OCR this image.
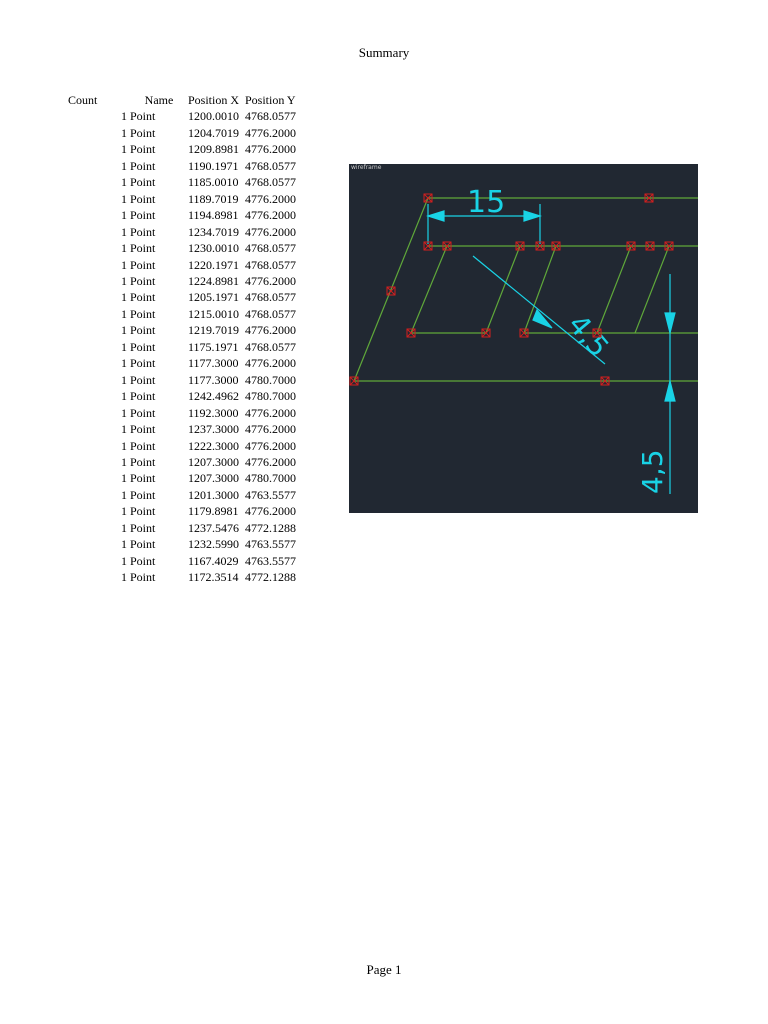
Summary
Count	Name	Position X	Position Y
1	Point	1200.0010	4768.0577
1	Point	1204.7019	4776.2000
1	Point	1209.8981	4776.2000
1	Point	1190.1971	4768.0577
1	Point	1185.0010	4768.0577
1	Point	1189.7019	4776.2000
1	Point	1194.8981	4776.2000
1	Point	1234.7019	4776.2000
1	Point	1230.0010	4768.0577
1	Point	1220.1971	4768.0577
1	Point	1224.8981	4776.2000
1	Point	1205.1971	4768.0577
1	Point	1215.0010	4768.0577
1	Point	1219.7019	4776.2000
1	Point	1175.1971	4768.0577
1	Point	1177.3000	4776.2000
1	Point	1177.3000	4780.7000
1	Point	1242.4962	4780.7000
1	Point	1192.3000	4776.2000
1	Point	1237.3000	4776.2000
1	Point	1222.3000	4776.2000
1	Point	1207.3000	4776.2000
1	Point	1207.3000	4780.7000
1	Point	1201.3000	4763.5577
1	Point	1179.8981	4776.2000
1	Point	1237.5476	4772.1288
1	Point	1232.5990	4763.5577
1	Point	1167.4029	4763.5577
1	Point	1172.3514	4772.1288
15
4,5
4,5
wireframe
Page 1
